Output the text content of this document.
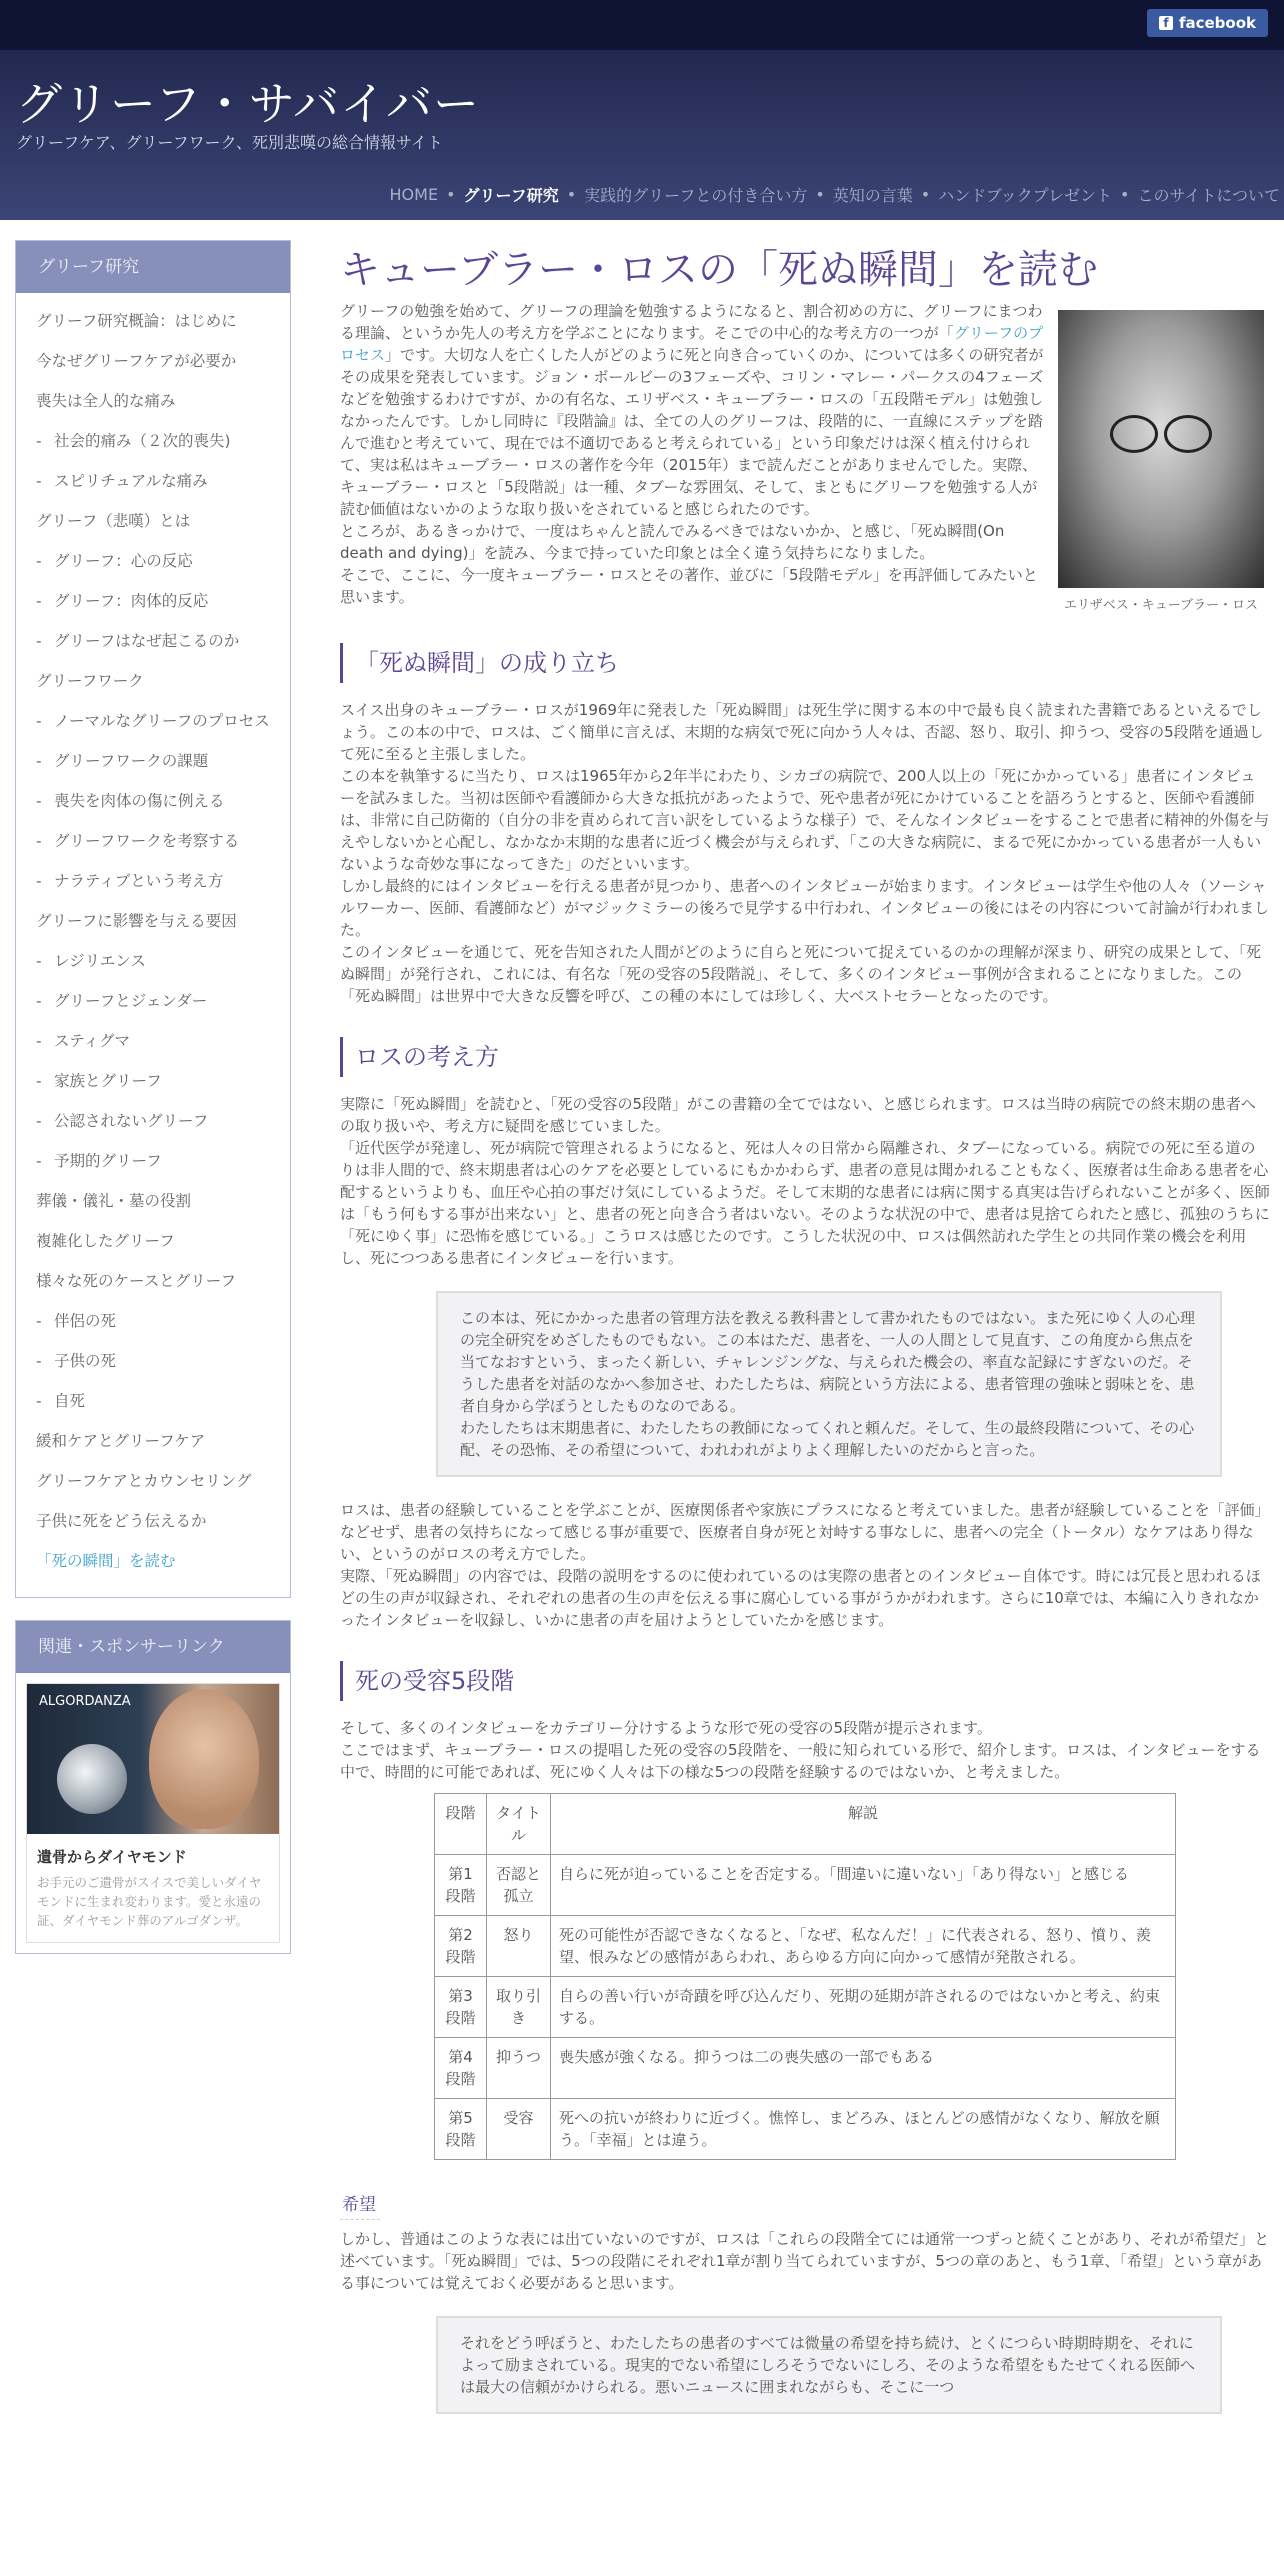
f facebook
グリーフ・サバイバー
グリーフケア、グリーフワーク、死別悲嘆の総合情報サイト
HOME • グリーフ研究 • 実践的グリーフとの付き合い方 • 英知の言葉 • ハンドブックプレゼント • このサイトについて
グリーフ研究
グリーフ研究概論：はじめに
今なぜグリーフケアが必要か
喪失は全人的な痛み
- 社会的痛み（２次的喪失)
- スピリチュアルな痛み
グリーフ（悲嘆）とは
- グリーフ：心の反応
- グリーフ：肉体的反応
- グリーフはなぜ起こるのか
グリーフワーク
- ノーマルなグリーフのプロセス
- グリーフワークの課題
- 喪失を肉体の傷に例える
- グリーフワークを考察する
- ナラティブという考え方
グリーフに影響を与える要因
- レジリエンス
- グリーフとジェンダー
- スティグマ
- 家族とグリーフ
- 公認されないグリーフ
- 予期的グリーフ
葬儀・儀礼・墓の役割
複雑化したグリーフ
様々な死のケースとグリーフ
- 伴侶の死
- 子供の死
- 自死
緩和ケアとグリーフケア
グリーフケアとカウンセリング
子供に死をどう伝えるか
「死の瞬間」を読む
関連・スポンサーリンク
ALGORDANZA
遺骨からダイヤモンド
お手元のご遺骨がスイスで美しいダイヤモンドに生まれ変わります。愛と永遠の証、ダイヤモンド葬のアルゴダンザ。
キューブラー・ロスの「死ぬ瞬間」を読む

グリーフの勉強を始めて、グリーフの理論を勉強するようになると、割合初めの方に、グリーフにまつわる理論、というか先人の考え方を学ぶことになります。そこでの中心的な考え方の一つが「グリーフのプロセス」です。大切な人を亡くした人がどのように死と向き合っていくのか、については多くの研究者がその成果を発表しています。ジョン・ボールビーの3フェーズや、コリン・マレー・パークスの4フェーズなどを勉強するわけですが、かの有名な、エリザベス・キューブラー・ロスの「五段階モデル」は勉強しなかったんです。しかし同時に『段階論』は、全ての人のグリーフは、段階的に、一直線にステップを踏んで進むと考えていて、現在では不適切であると考えられている」という印象だけは深く植え付けられて、実は私はキューブラー・ロスの著作を今年（2015年）まで読んだことがありませんでした。実際、キューブラー・ロスと「5段階説」は一種、タブーな雰囲気、そして、まともにグリーフを勉強する人が読む価値はないかのような取り扱いをされていると感じられたのです。

ところが、あるきっかけで、一度はちゃんと読んでみるべきではないかか、と感じ、「死ぬ瞬間(On death and dying)」を読み、今まで持っていた印象とは全く違う気持ちになりました。

そこで、ここに、今一度キューブラー・ロスとその著作、並びに「5段階モデル」を再評価してみたいと思います。	エリザベス・キューブラー・ロス
「死ぬ瞬間」の成り立ち

スイス出身のキューブラー・ロスが1969年に発表した「死ぬ瞬間」は死生学に関する本の中で最も良く読まれた書籍であるといえるでしょう。この本の中で、ロスは、ごく簡単に言えば、末期的な病気で死に向かう人々は、否認、怒り、取引、抑うつ、受容の5段階を通過して死に至ると主張しました。

この本を執筆するに当たり、ロスは1965年から2年半にわたり、シカゴの病院で、200人以上の「死にかかっている」患者にインタビューを試みました。当初は医師や看護師から大きな抵抗があったようで、死や患者が死にかけていることを語ろうとすると、医師や看護師は、非常に自己防衛的（自分の非を責められて言い訳をしているような様子）で、そんなインタビューをすることで患者に精神的外傷を与えやしないかと心配し、なかなか末期的な患者に近づく機会が与えられず、「この大きな病院に、まるで死にかかっている患者が一人もいないような奇妙な事になってきた」のだといいます。

しかし最終的にはインタビューを行える患者が見つかり、患者へのインタビューが始まります。インタビューは学生や他の人々（ソーシャルワーカー、医師、看護師など）がマジックミラーの後ろで見学する中行われ、インタビューの後にはその内容について討論が行われました。

このインタビューを通じて、死を告知された人間がどのように自らと死について捉えているのかの理解が深まり、研究の成果として、「死ぬ瞬間」が発行され、これには、有名な「死の受容の5段階説」、そして、多くのインタビュー事例が含まれることになりました。この「死ぬ瞬間」は世界中で大きな反響を呼び、この種の本にしては珍しく、大ベストセラーとなったのです。

ロスの考え方

実際に「死ぬ瞬間」を読むと、「死の受容の5段階」がこの書籍の全てではない、と感じられます。ロスは当時の病院での終末期の患者への取り扱いや、考え方に疑問を感じていました。

「近代医学が発達し、死が病院で管理されるようになると、死は人々の日常から隔離され、タブーになっている。病院での死に至る道のりは非人間的で、終末期患者は心のケアを必要としているにもかかわらず、患者の意見は聞かれることもなく、医療者は生命ある患者を心配するというよりも、血圧や心拍の事だけ気にしているようだ。そして末期的な患者には病に関する真実は告げられないことが多く、医師は「もう何もする事が出来ない」と、患者の死と向き合う者はいない。そのような状況の中で、患者は見捨てられたと感じ、孤独のうちに「死にゆく事」に恐怖を感じている。」こうロスは感じたのです。こうした状況の中、ロスは偶然訪れた学生との共同作業の機会を利用し、死につつある患者にインタビューを行います。

この本は、死にかかった患者の管理方法を教える教科書として書かれたものではない。また死にゆく人の心理の完全研究をめざしたものでもない。この本はただ、患者を、一人の人間として見直す、この角度から焦点を当てなおすという、まったく新しい、チャレンジングな、与えられた機会の、率直な記録にすぎないのだ。そうした患者を対話のなかへ参加させ、わたしたちは、病院という方法による、患者管理の強味と弱味とを、患者自身から学ぼうとしたものなのである。

わたしたちは末期患者に、わたしたちの教師になってくれと頼んだ。そして、生の最終段階について、その心配、その恐怖、その希望について、われわれがよりよく理解したいのだからと言った。

ロスは、患者の経験していることを学ぶことが、医療関係者や家族にプラスになると考えていました。患者が経験していることを「評価」などせず、患者の気持ちになって感じる事が重要で、医療者自身が死と対峙する事なしに、患者への完全（トータル）なケアはあり得ない、というのがロスの考え方でした。

実際、「死ぬ瞬間」の内容では、段階の説明をするのに使われているのは実際の患者とのインタビュー自体です。時には冗長と思われるほどの生の声が収録され、それぞれの患者の生の声を伝える事に腐心している事がうかがわれます。さらに10章では、本編に入りきれなかったインタビューを収録し、いかに患者の声を届けようとしていたかを感じます。

死の受容5段階

そして、多くのインタビューをカテゴリー分けするような形で死の受容の5段階が提示されます。

ここではまず、キューブラー・ロスの提唱した死の受容の5段階を、一般に知られている形で、紹介します。ロスは、インタビューをする中で、時間的に可能であれば、死にゆく人々は下の様な5つの段階を経験するのではないか、と考えました。

段階	タイトル	解説
第1段階	否認と孤立	自らに死が迫っていることを否定する。「間違いに違いない」「あり得ない」と感じる
第2段階	怒り	死の可能性が否認できなくなると、「なぜ、私なんだ！」に代表される、怒り、憤り、羨望、恨みなどの感情があらわれ、あらゆる方向に向かって感情が発散される。
第3段階	取り引き	自らの善い行いが奇蹟を呼び込んだり、死期の延期が許されるのではないかと考え、約束する。
第4段階	抑うつ	喪失感が強くなる。抑うつは二の喪失感の一部でもある
第5段階	受容	死への抗いが終わりに近づく。憔悴し、まどろみ、ほとんどの感情がなくなり、解放を願う。「幸福」とは違う。
希望

しかし、普通はこのような表には出ていないのですが、ロスは「これらの段階全てには通常一つずっと続くことがあり、それが希望だ」と述べています。「死ぬ瞬間」では、5つの段階にそれぞれ1章が割り当てられていますが、5つの章のあと、もう1章、「希望」という章がある事については覚えておく必要があると思います。

それをどう呼ぼうと、わたしたちの患者のすべては微量の希望を持ち続け、とくにつらい時期時期を、それによって励まされている。現実的でない希望にしろそうでないにしろ、そのような希望をもたせてくれる医師へは最大の信頼がかけられる。悪いニュースに囲まれながらも、そこに一つ
